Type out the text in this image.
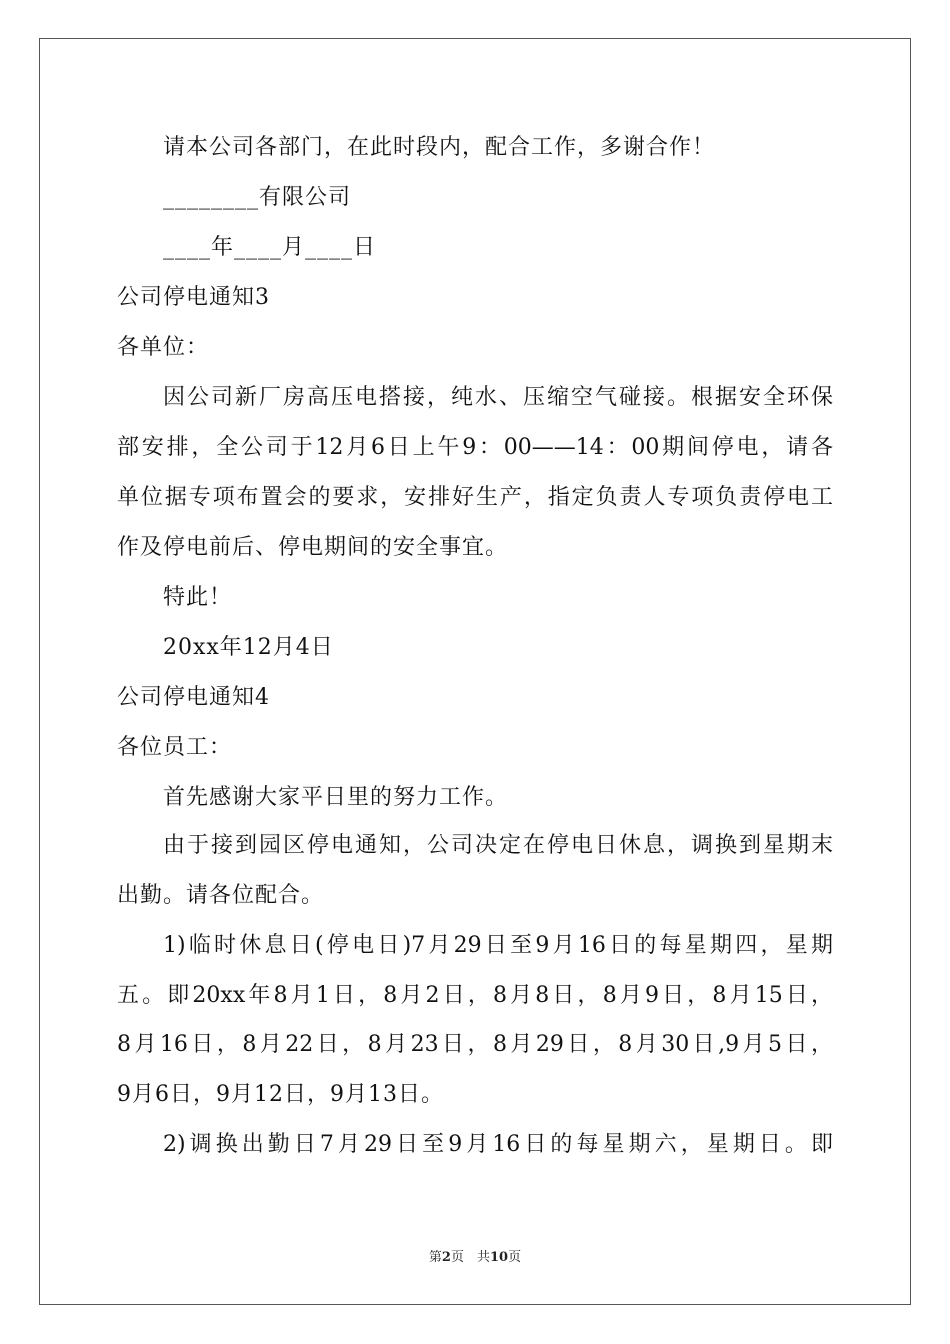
请本公司各部门，在此时段内，配合工作，多谢合作！
________有限公司
____年____月____日
公司停电通知3
各单位：
因公司新厂房高压电搭接，纯水、压缩空气碰接。根据安全环保
部安排，全公司于12月6日上午9：00——14：00期间停电，请各
单位据专项布置会的要求，安排好生产，指定负责人专项负责停电工
作及停电前后、停电期间的安全事宜。
特此！
20xx年12月4日
公司停电通知4
各位员工：
首先感谢大家平日里的努力工作。
由于接到园区停电通知，公司决定在停电日休息，调换到星期末
出勤。请各位配合。
1)临时休息日(停电日)7月29日至9月16日的每星期四，星期
五。即20xx年8月1日，8月2日，8月8日，8月9日，8月15日，
8月16日，8月22日，8月23日，8月29日，8月30日,9月5日，
9月6日，9月12日，9月13日。
2)调换出勤日7月29日至9月16日的每星期六，星期日。即
第2页　共10页
